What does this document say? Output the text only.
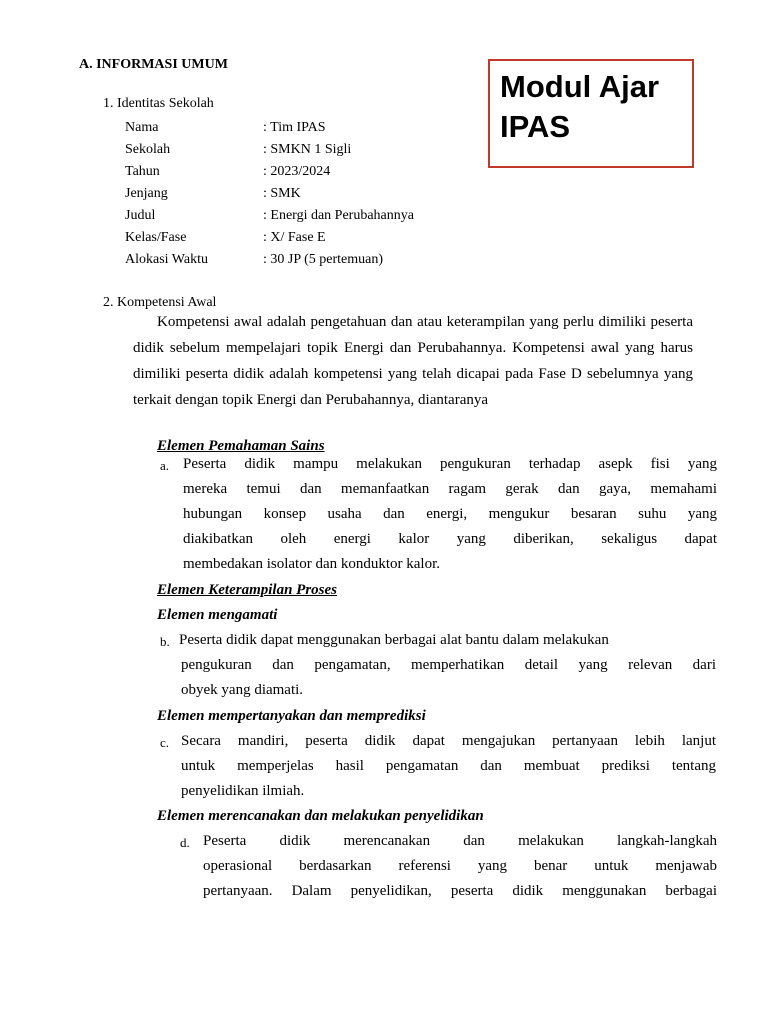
A. INFORMASI UMUM
Modul Ajar
IPAS
1. Identitas Sekolah
Nama	: Tim IPAS
Sekolah	: SMKN 1 Sigli
Tahun	: 2023/2024
Jenjang	: SMK
Judul	: Energi dan Perubahannya
Kelas/Fase	: X/ Fase E
Alokasi Waktu	: 30 JP (5 pertemuan)
2. Kompetensi Awal
Kompetensi awal adalah pengetahuan dan atau keterampilan yang perlu dimiliki peserta didik sebelum mempelajari topik Energi dan Perubahannya. Kompetensi awal yang harus dimiliki peserta didik adalah kompetensi yang telah dicapai pada Fase D sebelumnya yang terkait dengan topik Energi dan Perubahannya, diantaranya
Elemen Pemahaman Sains
a. Peserta didik mampu melakukan pengukuran terhadap asepk fisi yang
mereka temui dan memanfaatkan ragam gerak dan gaya, memahami
hubungan konsep usaha dan energi, mengukur besaran suhu yang
diakibatkan oleh energi kalor yang diberikan, sekaligus dapat
membedakan isolator dan konduktor kalor.
Elemen Keterampilan Proses
Elemen mengamati
b. Peserta didik dapat menggunakan berbagai alat bantu dalam melakukan
pengukuran dan pengamatan, memperhatikan detail yang relevan dari
obyek yang diamati.
Elemen mempertanyakan dan memprediksi
c. Secara mandiri, peserta didik dapat mengajukan pertanyaan lebih lanjut
untuk memperjelas hasil pengamatan dan membuat prediksi tentang
penyelidikan ilmiah.
Elemen merencanakan dan melakukan penyelidikan
d. Peserta didik merencanakan dan melakukan langkah-langkah
operasional berdasarkan referensi yang benar untuk menjawab
pertanyaan. Dalam penyelidikan, peserta didik menggunakan berbagai
